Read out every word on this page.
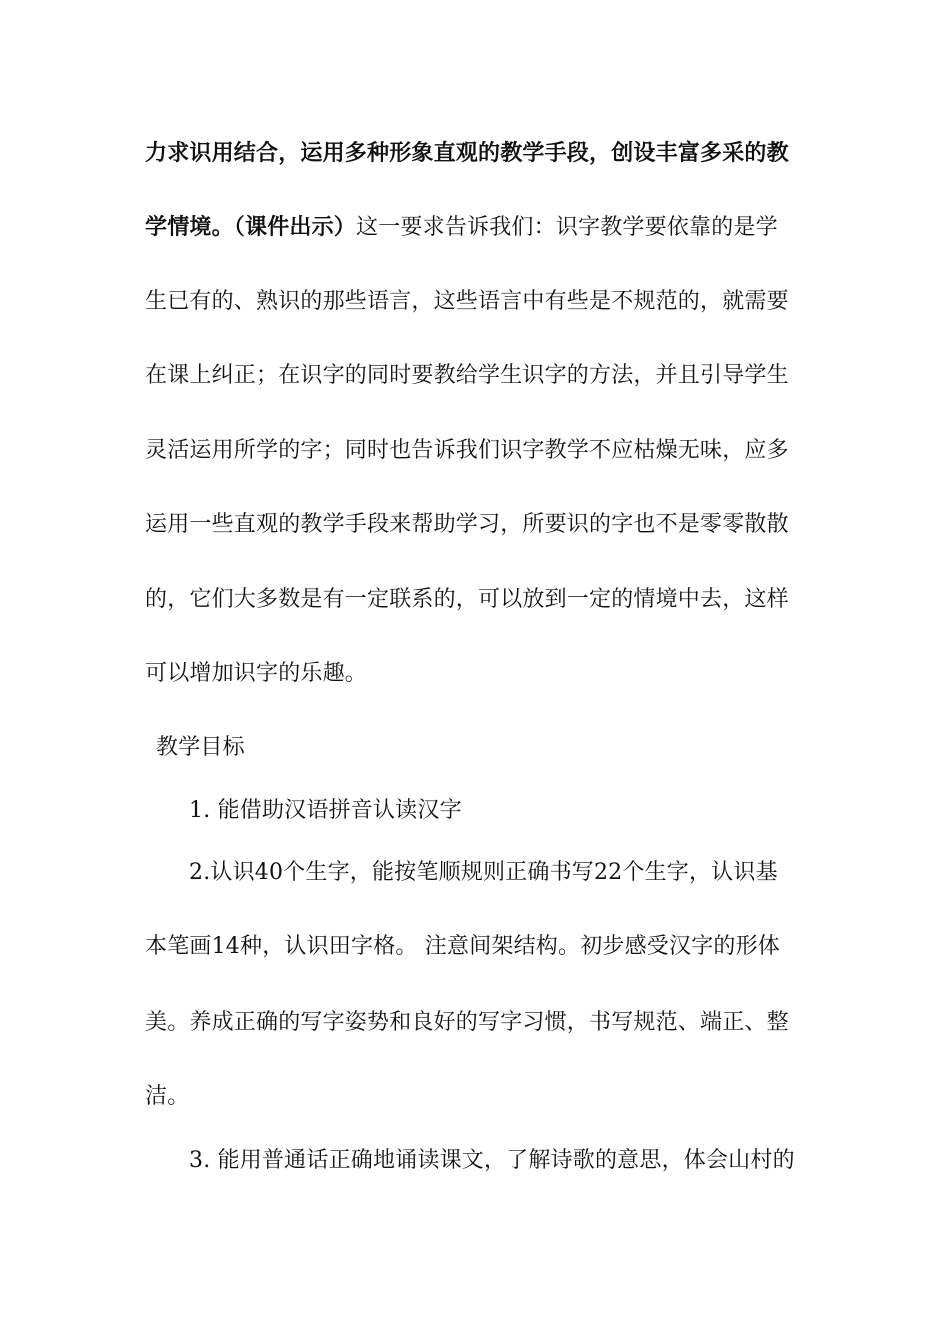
力求识用结合，运用多种形象直观的教学手段，创设丰富多采的教
学情境。（课件出示）这一要求告诉我们：识字教学要依靠的是学
生已有的、熟识的那些语言，这些语言中有些是不规范的，就需要
在课上纠正；在识字的同时要教给学生识字的方法，并且引导学生
灵活运用所学的字；同时也告诉我们识字教学不应枯燥无味，应多
运用一些直观的教学手段来帮助学习，所要识的字也不是零零散散
的，它们大多数是有一定联系的，可以放到一定的情境中去，这样
可以增加识字的乐趣。
教学目标
1. 能借助汉语拼音认读汉字
2.认识40个生字，能按笔顺规则正确书写22个生字，认识基
本笔画14种，认识田字格。 注意间架结构。初步感受汉字的形体
美。养成正确的写字姿势和良好的写字习惯，书写规范、端正、整
洁。
3. 能用普通话正确地诵读课文，了解诗歌的意思，体会山村的
